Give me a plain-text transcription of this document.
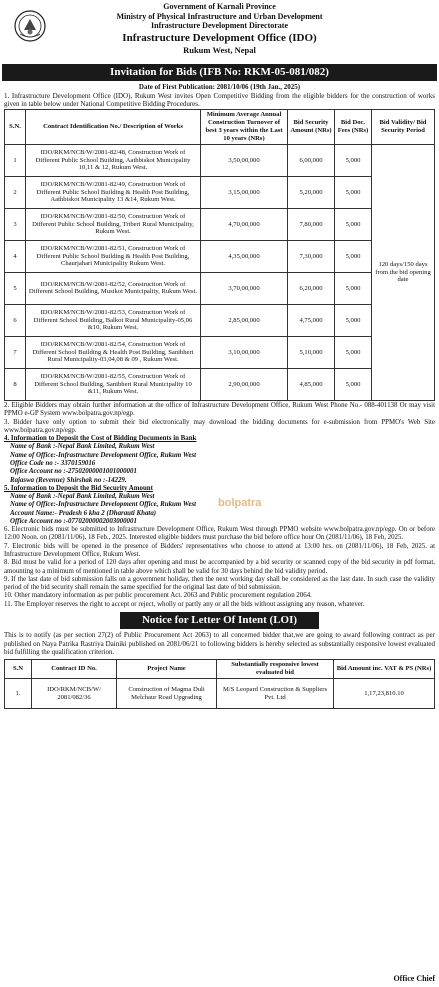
Government of Karnali Province
Ministry of Physical Infrastructure and Urban Development
Infrastructure Development Directorate
Infrastructure Development Office (IDO)
Rukum West, Nepal
Invitation for Bids (IFB No: RKM-05-081/082)
Date of First Publication: 2081/10/06 (19th Jan., 2025)
1. Infrastructure Development Office (IDO), Rukum West invites Open Competitive Bidding from the eligible bidders for the construction of works given in table below under National Competitive Bidding Procedures.
S.N.	Contract Identification No./ Description of Works	Minimum Average Annual Construction Turnover of best 3 years within the Last 10 years (NRs)	Bid Security Amount (NRs)	Bid Doc. Fees (NRs)	Bid Validity/ Bid Security Period
1	IDO/RKM/NCB/W/2081-82/48, Construction Work of Different Public School Building, Aathbiskot Municipality 10,11 & 12, Rukum West.	3,50,00,000	6,00,000	5,000	120 days/150 days from the bid opening date
2	IDO/RKM/NCB/W/2081-82/49, Construction Work of Different Public School Building & Health Post Building, Aathbiskot Municipality 13 &14, Rukum West.	3,15,00,000	5,20,000	5,000	
3	IDO/RKM/NCB/W/2081-82/50, Construction Work of Different Public School Building, Triberi Rural Municipality, Rukum West.	4,70,00,000	7,80,000	5,000	
4	IDO/RKM/NCB/W/2081-82/51, Construction Work of Different Public School Building & Health Post Building, Chaurjahari Municipality Rukum West.	4,35,00,000	7,30,000	5,000	
5	IDO/RKM/NCB/W/2081-82/52, Construction Work of Different School Building, Musikot Municipality, Rukum West.	3,70,00,000	6,20,000	5,000	
6	IDO/RKM/NCB/W/2081-82/53, Construction Work of Different School Building, Balkot Rural Municipality-05,06 &10, Rukum West.	2,85,00,000	4,75,000	5,000	
7	IDO/RKM/NCB/W/2081-82/54, Construction Work of Different School Building & Health Post Building, Sanibheri Rural Municipality-03,04,08 & 09 , Rukum West.	3,10,00,000	5,10,000	5,000	
8	IDO/RKM/NCB/W/2081-82/55, Construction Work of Different School Building, Sanibheri Rural Municipality 10 &11, Rukum West.	2,90,00,000	4,85,000	5,000	
2. Eligible Bidders may obtain further information at the office of Infrastructure Development Office, Rukum West Phone No.- 088-401138 Or may visit PPMO e-GP System www.bolpatra.gov.np/egp.
3. Bidder have only option to submit their bid electronically may download the bidding documents for e-submission from PPMO's Web Site www.bolpatra.gov.np/egp.
4. Information to Deposit the Cost of Bidding Documents in Bank
Name of Bank :-Nepal Bank Limited, Rukum West
Name of Office:-Infrastructure Development Office, Rukum West
Office Code no :- 3370159016
Office Account no :-27502000001001000001
Rajaswa (Revenue) Shirshak no :-14229.
5. Information to Deposit the Bid Security Amount
Name of Bank :-Nepal Bank Limited, Rukum West
Name of Office:-Infrastructure Development Office, Rukum West
Account Name:- Pradesh 6 kha 2 (Dharauti Khata)
Office Account no :-07702000002003000001
6. Electronic bids must be submitted to Infrastructure Development Office, Rukum West through PPMO website www.bolpatra.gov.np/egp. On or before 12:00 Noon. on (2081/11/06), 18 Feb., 2025. Interested eligible bidders must purchase the bid before office hour On (2081/11/06), 18 Feb, 2025.
7. Electronic bids will be opened in the presence of Bidders' representatives who choose to attend at 13:00 hrs. on (2081/11/06), 18 Feb, 2025. at Infrastructure Development Office, Rukum West.
8. Bid must be valid for a period of 120 days after opening and must be accompanied by a bid security or scanned copy of the bid security in pdf format, amounting to a minimum of mentioned in table above which shall be valid for 30 days behind the bid validity period.
9. If the last date of bid submission falls on a government holiday, then the next working day shall be considered as the last date. In such case the validity period of the bid security shall remain the same specified for the original last date of bid submission.
10. Other mandatory information as per public procurement Act. 2063 and Public procurement regulation 2064.
11. The Employer reserves the right to accept or reject, wholly or partly any or all the bids without assigning any reason, whatever.
Notice for Letter Of Intent (LOI)
This is to notify (as per section 27(2) of Public Procurement Act 2063) to all concerned bidder that,we are going to award following contract as per published on Naya Patrika Rastriya Dainiki published on 2081/06/21 to following bidders is hereby selected as substantially responsive lowest evaluated bid fulfilling the qualification criterion.
S.N	Contract ID No.	Project Name	Substantially responsive lowest evaluated bid	Bid Amount inc. VAT & PS (NRs)
1.	IDO/RKM/NCB/W/ 2081/082/36	Construction of Magma Duli Melchaur Road Upgrading	M/S Leopard Construction & Suppliers Pvt. Ltd	1,17,23,810.10
bolpatra
Office Chief
